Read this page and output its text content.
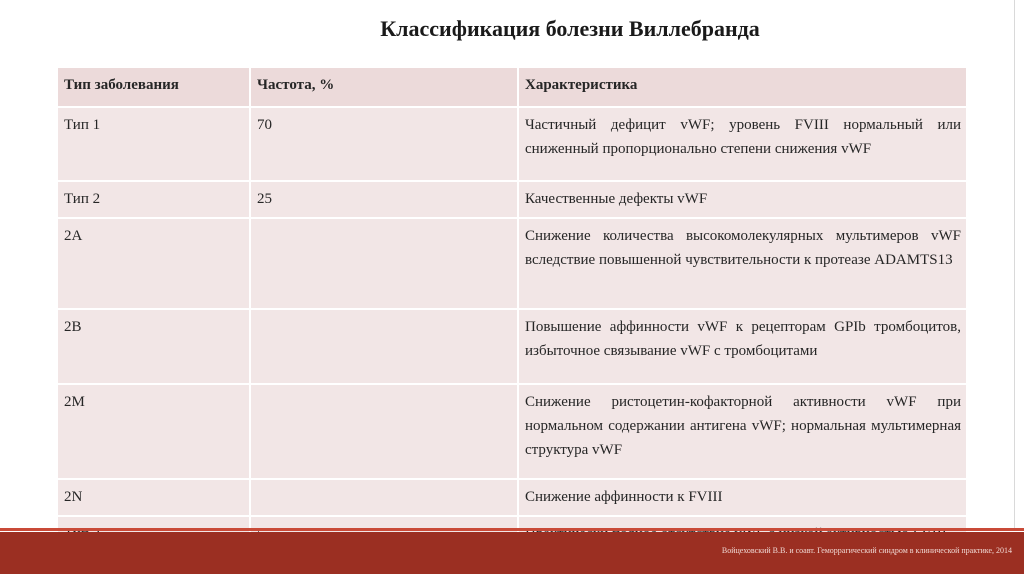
Классификация болезни Виллебранда
Тип заболевания	Частота, %	Характеристика
Тип 1	70	Частичный дефицит vWF; уровень FVIII нормальный или сниженный пропорционально степени снижения vWF
Тип 2	25	Качественные дефекты vWF
2A		Снижение количества высокомолекулярных мультимеров vWF вследствие повышенной чувствительности к протеазе ADAMTS13
2B		Повышение аффинности vWF к рецепторам GPIb тромбоцитов, избыточное связывание vWF с тромбоцитами
2M		Снижение ристоцетин-кофакторной активности vWF при нормальном содержании антигена vWF; нормальная мультимерная структура vWF
2N		Снижение аффинности к FVIII

Войцеховский В.В. и соавт. Геморрагический синдром в клинической практике, 2014
